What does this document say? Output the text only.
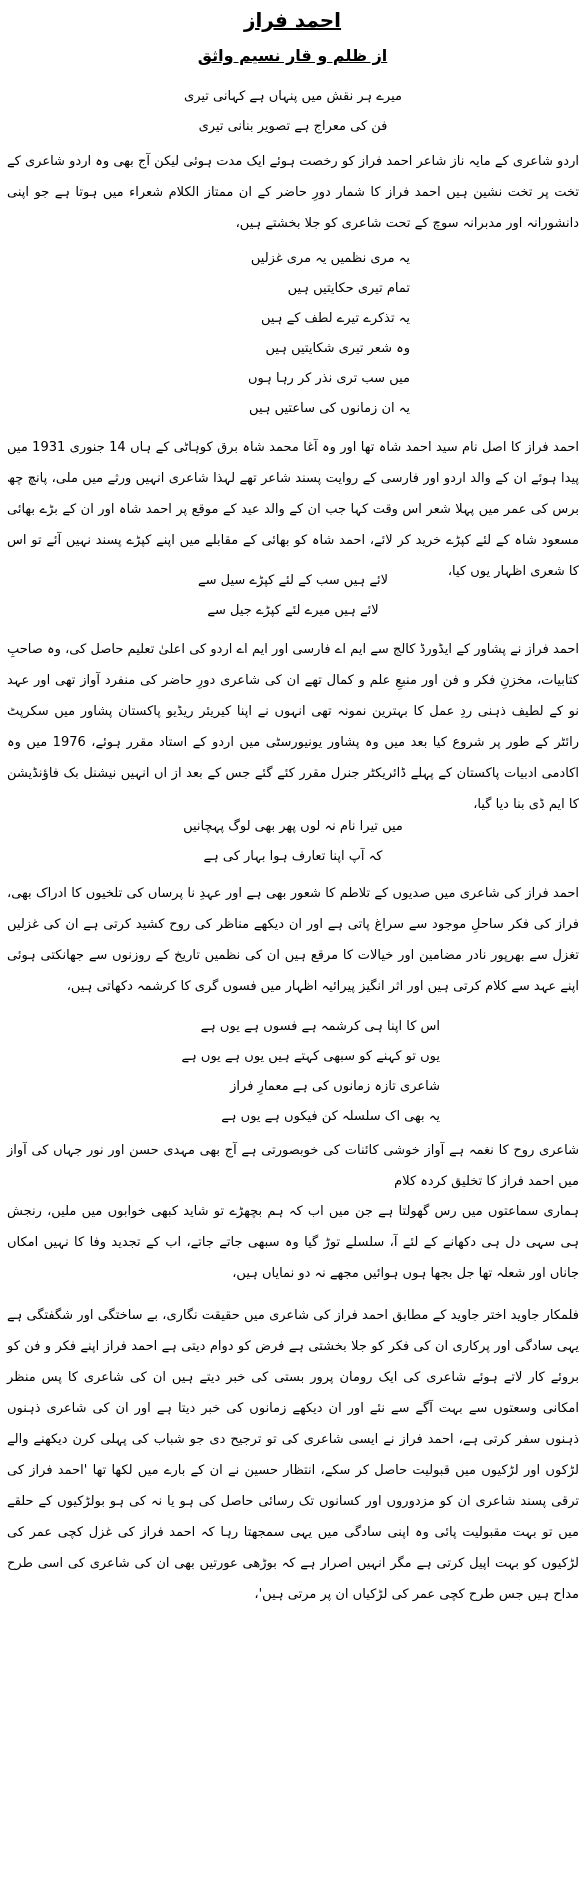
احمد فراز
از ظلم و قار نسیم واثق
میرے ہر نقش میں پنہاں ہے کہانی تیری
فن کی معراج ہے تصویر بنانی تیری
اردو شاعری کے مایہ ناز شاعر احمد فراز کو رخصت ہوئے ایک مدت ہوئی لیکن آج بھی وہ اردو شاعری کے تخت پر تخت نشین ہیں احمد فراز کا شمار دورِ حاضر کے ان ممتاز الکلام شعراء میں ہوتا ہے جو اپنی دانشورانہ اور مدبرانہ سوچ کے تحت شاعری کو جلا بخشتے ہیں،
یہ مری نظمیں یہ مری غزلیں
تمام تیری حکایتیں ہیں
یہ تذکرے تیرے لطف کے ہیں
وہ شعر تیری شکایتیں ہیں
میں سب تری نذر کر رہا ہوں
یہ ان زمانوں کی ساعتیں ہیں
احمد فراز کا اصل نام سید احمد شاہ تھا اور وہ آغا محمد شاہ برق کوہاٹی کے ہاں 14 جنوری 1931 میں پیدا ہوئے ان کے والد اردو اور فارسی کے روایت پسند شاعر تھے لہذا شاعری انہیں ورثے میں ملی، پانچ چھ برس کی عمر میں پہلا شعر اس وقت کہا جب ان کے والد عید کے موقع پر احمد شاہ اور ان کے بڑے بھائی مسعود شاہ کے لئے کپڑے خرید کر لائے، احمد شاہ کو بھائی کے مقابلے میں اپنے کپڑے پسند نہیں آئے تو اس کا شعری اظہار یوں کیا،
لائے ہیں سب کے لئے کپڑے سیل سے
لائے ہیں میرے لئے کپڑے جیل سے
احمد فراز نے پشاور کے ایڈورڈ کالج سے ایم اے فارسی اور ایم اے اردو کی اعلیٰ تعلیم حاصل کی، وہ صاحبِ کتابیات، مخزنِ فکر و فن اور منبعِ علم و کمال تھے ان کی شاعری دورِ حاضر کی منفرد آواز تھی اور عہد نو کے لطیف ذہنی ردِ عمل کا بہترین نمونہ تھی انہوں نے اپنا کیریئر ریڈیو پاکستان پشاور میں سکرپٹ رائٹر کے طور پر شروع کیا بعد میں وہ پشاور یونیورسٹی میں اردو کے استاد مقرر ہوئے، 1976 میں وہ اکادمی ادبیات پاکستان کے پہلے ڈائریکٹر جنرل مقرر کئے گئے جس کے بعد از اں انہیں نیشنل بک فاؤنڈیشن کا ایم ڈی بنا دیا گیا،
میں تیرا نام نہ لوں پھر بھی لوگ پہچانیں
کہ آپ اپنا تعارف ہوا بہار کی ہے
احمد فراز کی شاعری میں صدیوں کے تلاطم کا شعور بھی ہے اور عہدِ نا پرساں کی تلخیوں کا ادراک بھی، فراز کی فکر ساحلِ موجود سے سراغ پاتی ہے اور ان دیکھے مناظر کی روح کشید کرتی ہے ان کی غزلیں تغزل سے بھرپور نادر مضامین اور خیالات کا مرقع ہیں ان کی نظمیں تاریخ کے روزنوں سے جھانکتی ہوئی اپنے عہد سے کلام کرتی ہیں اور اثر انگیز پیرائیہ اظہار میں فسوں گری کا کرشمہ دکھاتی ہیں،
اس کا اپنا ہی کرشمہ ہے فسوں ہے یوں ہے
یوں تو کہنے کو سبھی کہتے ہیں یوں ہے یوں ہے
شاعری تازہ زمانوں کی ہے معمارِ فراز
یہ بھی اک سلسلہ کن فیکوں ہے یوں ہے
شاعری روح کا نغمہ ہے آواز خوشی کائنات کی خوبصورتی ہے آج بھی مہدی حسن اور نور جہاں کی آواز میں احمد فراز کا تخلیق کردہ کلام
ہماری سماعتوں میں رس گھولتا ہے جن میں اب کہ ہم بچھڑے تو شاید کبھی خوابوں میں ملیں، رنجش ہی سہی دل ہی دکھانے کے لئے آ، سلسلے توڑ گیا وہ سبھی جاتے جاتے، اب کے تجدید وفا کا نہیں امکاں جاناں اور شعلہ تھا جل بجھا ہوں ہوائیں مجھے نہ دو نمایاں ہیں،
فلمکار جاوید اختر جاوید کے مطابق احمد فراز کی شاعری میں حقیقت نگاری، بے ساختگی اور شگفتگی ہے یہی سادگی اور پرکاری ان کی فکر کو جلا بخشتی ہے فرض کو دوام دیتی ہے احمد فراز اپنے فکر و فن کو بروئے کار لاتے ہوئے شاعری کی ایک رومان پرور بستی کی خبر دیتے ہیں ان کی شاعری کا پس منظر امکانی وسعتوں سے بہت آگے سے نئے اور ان دیکھے زمانوں کی خبر دیتا ہے اور ان کی شاعری ذہنوں ذہنوں سفر کرتی ہے، احمد فراز نے ایسی شاعری کی تو ترجیح دی جو شباب کی پہلی کرن دیکھنے والے لڑکوں اور لڑکیوں میں قبولیت حاصل کر سکے، انتظار حسین نے ان کے بارے میں لکھا تھا 'احمد فراز کی ترقی پسند شاعری ان کو مزدوروں اور کسانوں تک رسائی حاصل کی ہو یا نہ کی ہو بولڑکیوں کے حلقے میں تو بہت مقبولیت پائی وہ اپنی سادگی میں یہی سمجھتا رہا کہ احمد فراز کی غزل کچی عمر کی لڑکیوں کو بہت اپیل کرتی ہے مگر انہیں اصرار ہے کہ بوڑھی عورتیں بھی ان کی شاعری کی اسی طرح مداح ہیں جس طرح کچی عمر کی لڑکیاں ان پر مرتی ہیں'،
